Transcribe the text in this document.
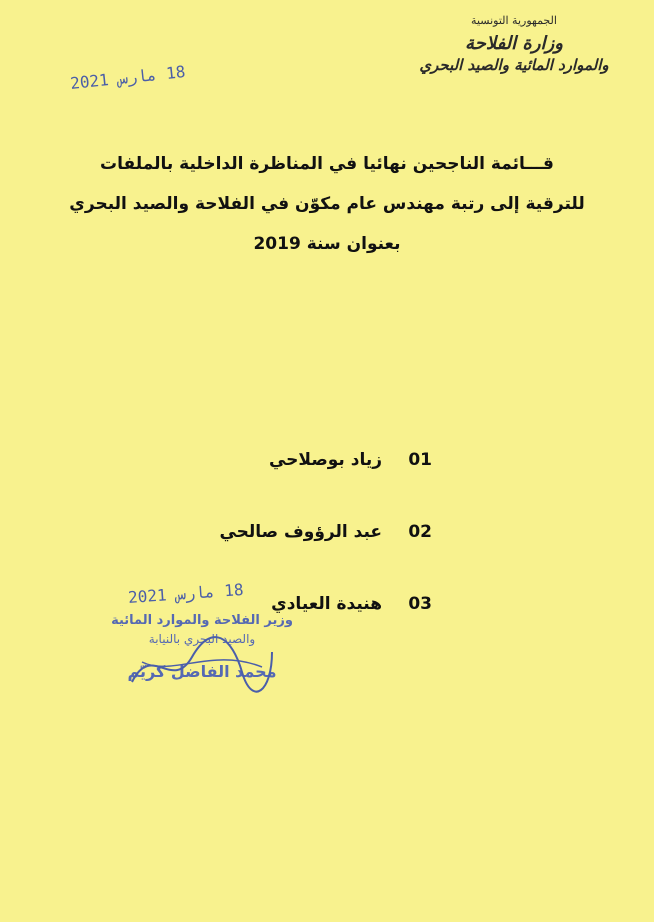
الجمهورية التونسية
وزارة الفلاحة
والموارد المائية والصيد البحري
18 مارس 2021
قـــائمة الناجحين نهائيا في المناظرة الداخلية بالملفات
للترقية إلى رتبة مهندس عام مكوّن في الفلاحة والصيد البحري
بعنوان سنة 2019
01
زياد بوصلاحي
02
عبد الرؤوف صالحي
03
هنيدة العيادي
18 مارس 2021
وزير الفلاحة والموارد المائية
والصيد البحري بالنيابة
محمد الفاضل كريّم
